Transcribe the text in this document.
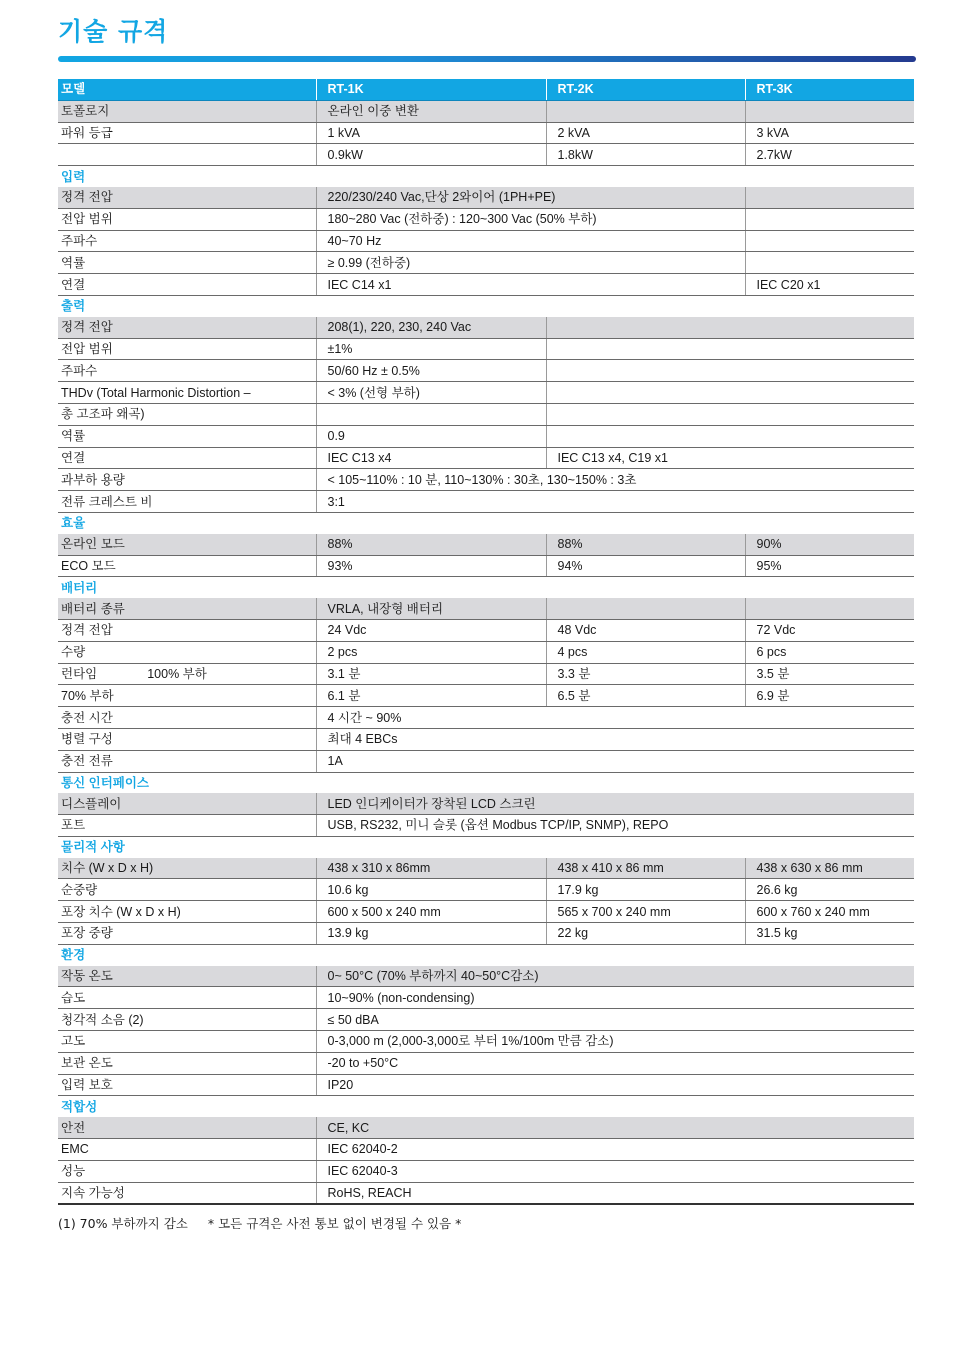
기술 규격
모델	RT-1K	RT-2K	RT-3K
토폴로지	온라인 이중 변환		
파워 등급	1 kVA	2 kVA	3 kVA
	0.9kW	1.8kW	2.7kW
입력			
정격 전압	220/230/240 Vac,단상 2와이어 (1PH+PE)		
전압 범위	180~280 Vac (전하중) : 120~300 Vac (50% 부하)		
주파수	40~70 Hz		
역률	≥ 0.99 (전하중)		
연결	IEC C14 x1		IEC C20 x1
출력			
정격 전압	208(1), 220, 230, 240 Vac		
전압 범위	±1%		
주파수	50/60 Hz ± 0.5%		
THDv (Total Harmonic Distortion –	< 3% (선형 부하)		
총 고조파 왜곡)			
역률	0.9		
연결	IEC C13 x4	IEC C13 x4, C19 x1	
과부하 용량	< 105~110% : 10 분, 110~130% : 30초, 130~150% : 3초		
전류 크레스트 비	3:1		
효율			
온라인 모드	88%	88%	90%
ECO 모드	93%	94%	95%
배터리			
배터리 종류	VRLA, 내장형 배터리		
정격 전압	24 Vdc	48 Vdc	72 Vdc
수량	2 pcs	4 pcs	6 pcs
런타임 100% 부하	3.1 분	3.3 분	3.5 분
70% 부하	6.1 분	6.5 분	6.9 분
충전 시간	4 시간 ~ 90%		
병렬 구성	최대 4 EBCs		
충전 전류	1A		
통신 인터페이스			
디스플레이	LED 인디케이터가 장착된 LCD 스크린		
포트	USB, RS232, 미니 슬롯 (옵션 Modbus TCP/IP, SNMP), REPO		
물리적 사항			
치수 (W x D x H)	438 x 310 x 86mm	438 x 410 x 86 mm	438 x 630 x 86 mm
순중량	10.6 kg	17.9 kg	26.6 kg
포장 치수 (W x D x H)	600 x 500 x 240 mm	565 x 700 x 240 mm	600 x 760 x 240 mm
포장 중량	13.9 kg	22 kg	31.5 kg
환경			
작동 온도	0~ 50°C (70% 부하까지 40~50°C감소)		
습도	10~90% (non-condensing)		
청각적 소음 (2)	≤ 50 dBA		
고도	0-3,000 m (2,000-3,000로 부터 1%/100m 만큼 감소)		
보관 온도	-20 to +50°C		
입력 보호	IP20		
적합성			
안전	CE, KC		
EMC	IEC 62040-2		
성능	IEC 62040-3		
지속 가능성	RoHS, REACH		
(1) 70% 부하까지 감소 * 모든 규격은 사전 통보 없이 변경될 수 있음 *
